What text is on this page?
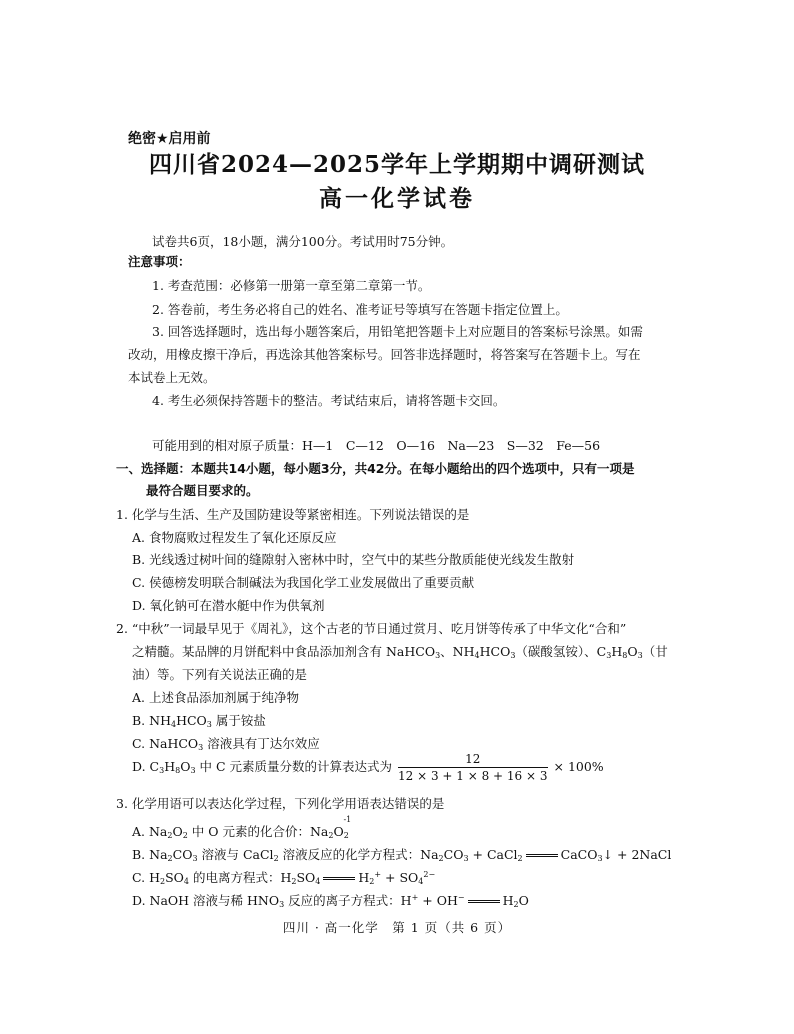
绝密★启用前
四川省2024—2025学年上学期期中调研测试
高一化学试卷
试卷共6页，18小题，满分100分。考试用时75分钟。
注意事项：
1. 考查范围：必修第一册第一章至第二章第一节。
2. 答卷前，考生务必将自己的姓名、准考证号等填写在答题卡指定位置上。
3. 回答选择题时，选出每小题答案后，用铅笔把答题卡上对应题目的答案标号涂黑。如需
改动，用橡皮擦干净后，再选涂其他答案标号。回答非选择题时，将答案写在答题卡上。写在
本试卷上无效。
4. 考生必须保持答题卡的整洁。考试结束后，请将答题卡交回。
可能用到的相对原子质量：H—1　C—12　O—16　Na—23　S—32　Fe—56
一、选择题：本题共14小题，每小题3分，共42分。在每小题给出的四个选项中，只有一项是
最符合题目要求的。
1. 化学与生活、生产及国防建设等紧密相连。下列说法错误的是
A. 食物腐败过程发生了氧化还原反应
B. 光线透过树叶间的缝隙射入密林中时，空气中的某些分散质能使光线发生散射
C. 侯德榜发明联合制碱法为我国化学工业发展做出了重要贡献
D. 氧化钠可在潜水艇中作为供氧剂
2. “中秋”一词最早见于《周礼》，这个古老的节日通过赏月、吃月饼等传承了中华文化“合和”
之精髓。某品牌的月饼配料中食品添加剂含有 NaHCO$_3$、$NH_4HCO_3$（碳酸氢铵）、$C_3H_8O_3$（甘
油）等。下列有关说法正确的是
A. 上述食品添加剂属于纯净物
B. $NH_4HCO_3$ 属于铵盐
C. NaHCO$_3$ 溶液具有丁达尔效应
D. $C_3H_8O_3$ 中 C 元素质量分数的计算表达式为 $\frac{12}{12 \times 3 + 1 \times 8 + 16 \times 3} \times 100\%$
3. 化学用语可以表达化学过程，下列化学用语表达错误的是
A. $Na_2O_2$ 中 O 元素的化合价：$Na_2$
-1
$O_2$
B. $Na_2CO_3$ 溶液与 CaCl$_2$ 溶液反应的化学方程式：$Na_2CO_3$ + CaCl$_2$	CaCO$_3$↓ + 2NaCl
C. $H_2SO_4$ 的电离方程式：$H_2SO_4$	$H_2^+ + SO_4^{2-}$
D. NaOH 溶液与稀 $HNO_3$ 反应的离子方程式：H+ + OH−	$H_2O$
四川 · 高一化学　第 1 页（共 6 页）
